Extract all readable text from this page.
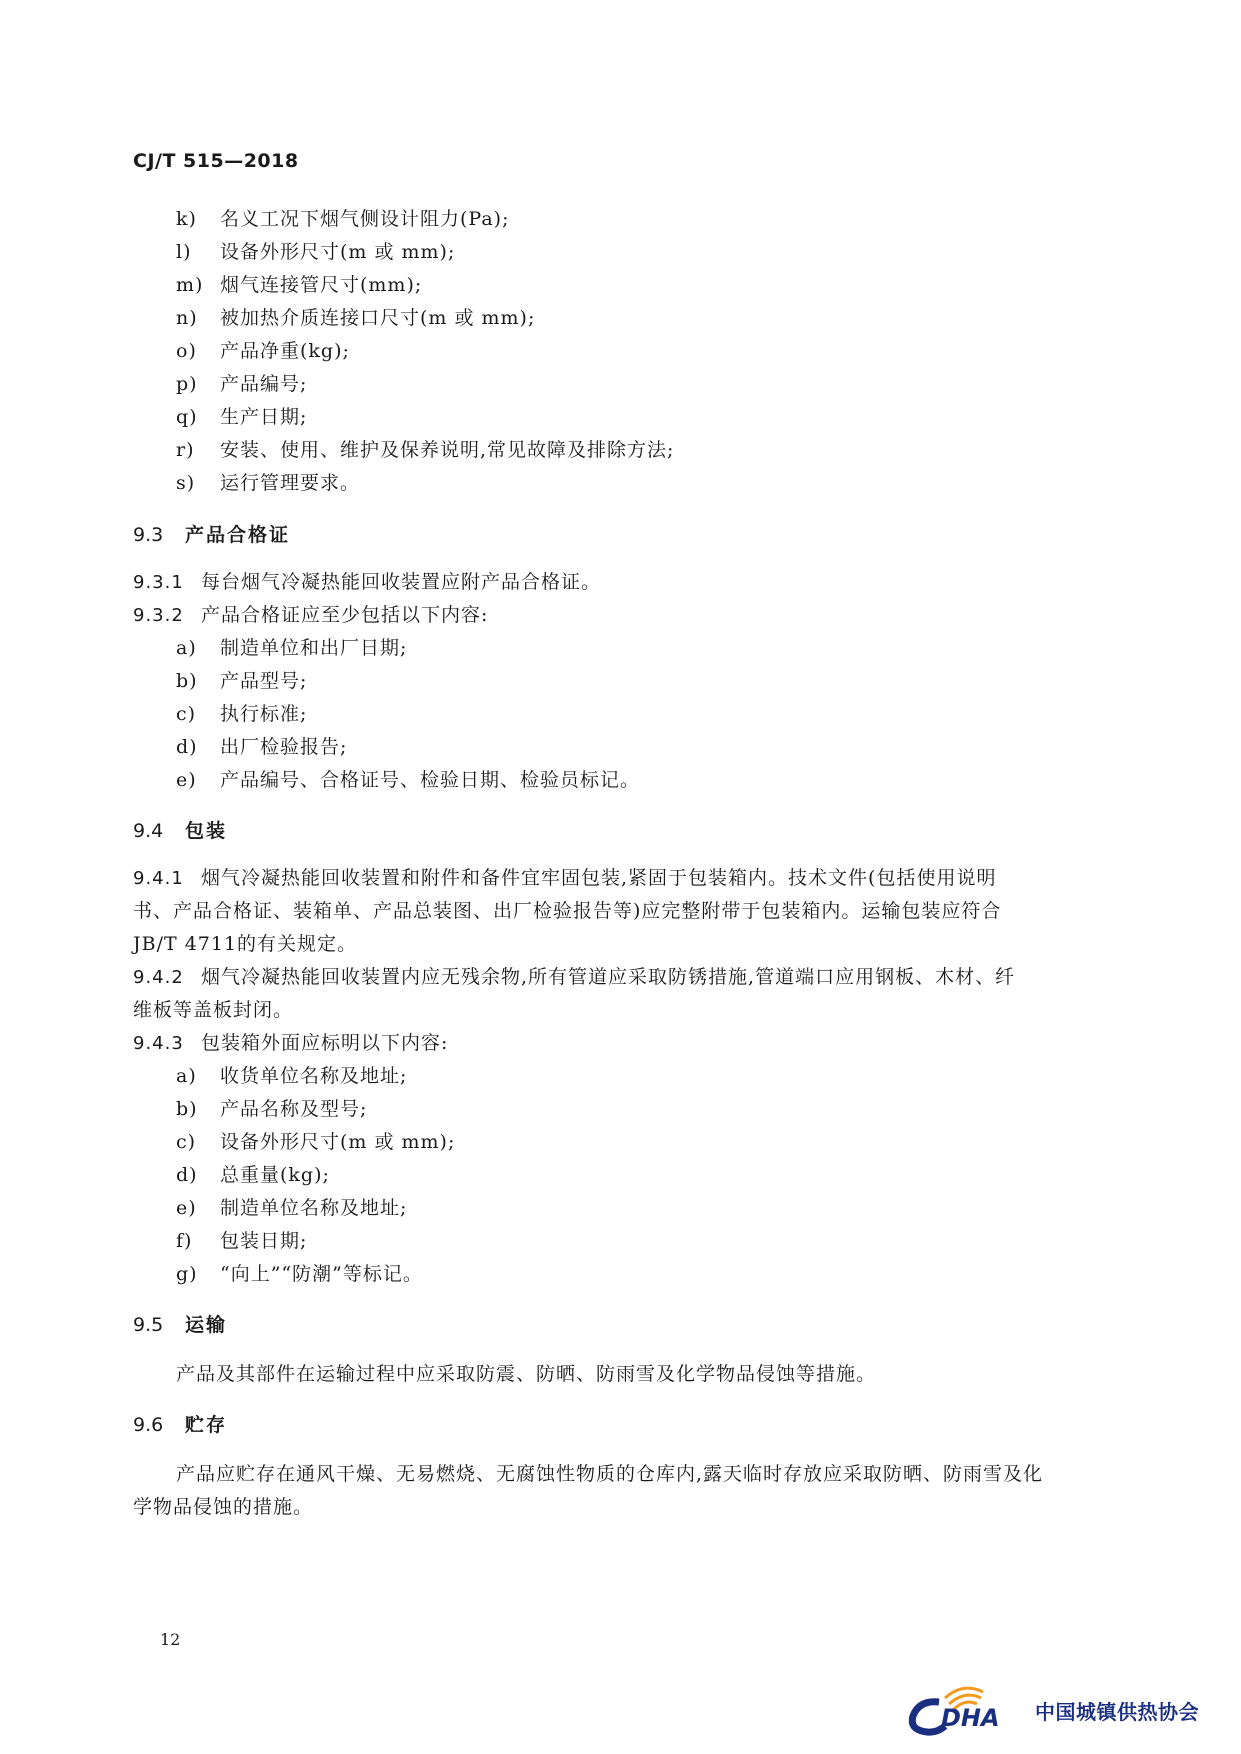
CJ/T 515—2018
k) 名义工况下烟气侧设计阻力(Pa);
l) 设备外形尺寸(m 或 mm);
m) 烟气连接管尺寸(mm);
n) 被加热介质连接口尺寸(m 或 mm);
o) 产品净重(kg);
p) 产品编号;
q) 生产日期;
r) 安装、使用、维护及保养说明,常见故障及排除方法;
s) 运行管理要求。
9.3 产品合格证
9.3.1 每台烟气冷凝热能回收装置应附产品合格证。
9.3.2 产品合格证应至少包括以下内容:
a) 制造单位和出厂日期;
b) 产品型号;
c) 执行标准;
d) 出厂检验报告;
e) 产品编号、合格证号、检验日期、检验员标记。
9.4 包装
9.4.1 烟气冷凝热能回收装置和附件和备件宜牢固包装,紧固于包装箱内。技术文件(包括使用说明
书、产品合格证、装箱单、产品总装图、出厂检验报告等)应完整附带于包装箱内。运输包装应符合
JB/T 4711的有关规定。
9.4.2 烟气冷凝热能回收装置内应无残余物,所有管道应采取防锈措施,管道端口应用钢板、木材、纤
维板等盖板封闭。
9.4.3 包装箱外面应标明以下内容:
a) 收货单位名称及地址;
b) 产品名称及型号;
c) 设备外形尺寸(m 或 mm);
d) 总重量(kg);
e) 制造单位名称及地址;
f) 包装日期;
g) “向上”“防潮”等标记。
9.5 运输
产品及其部件在运输过程中应采取防震、防晒、防雨雪及化学物品侵蚀等措施。
9.6 贮存
产品应贮存在通风干燥、无易燃烧、无腐蚀性物质的仓库内,露天临时存放应采取防晒、防雨雪及化
学物品侵蚀的措施。
12
DHA 中国城镇供热协会
